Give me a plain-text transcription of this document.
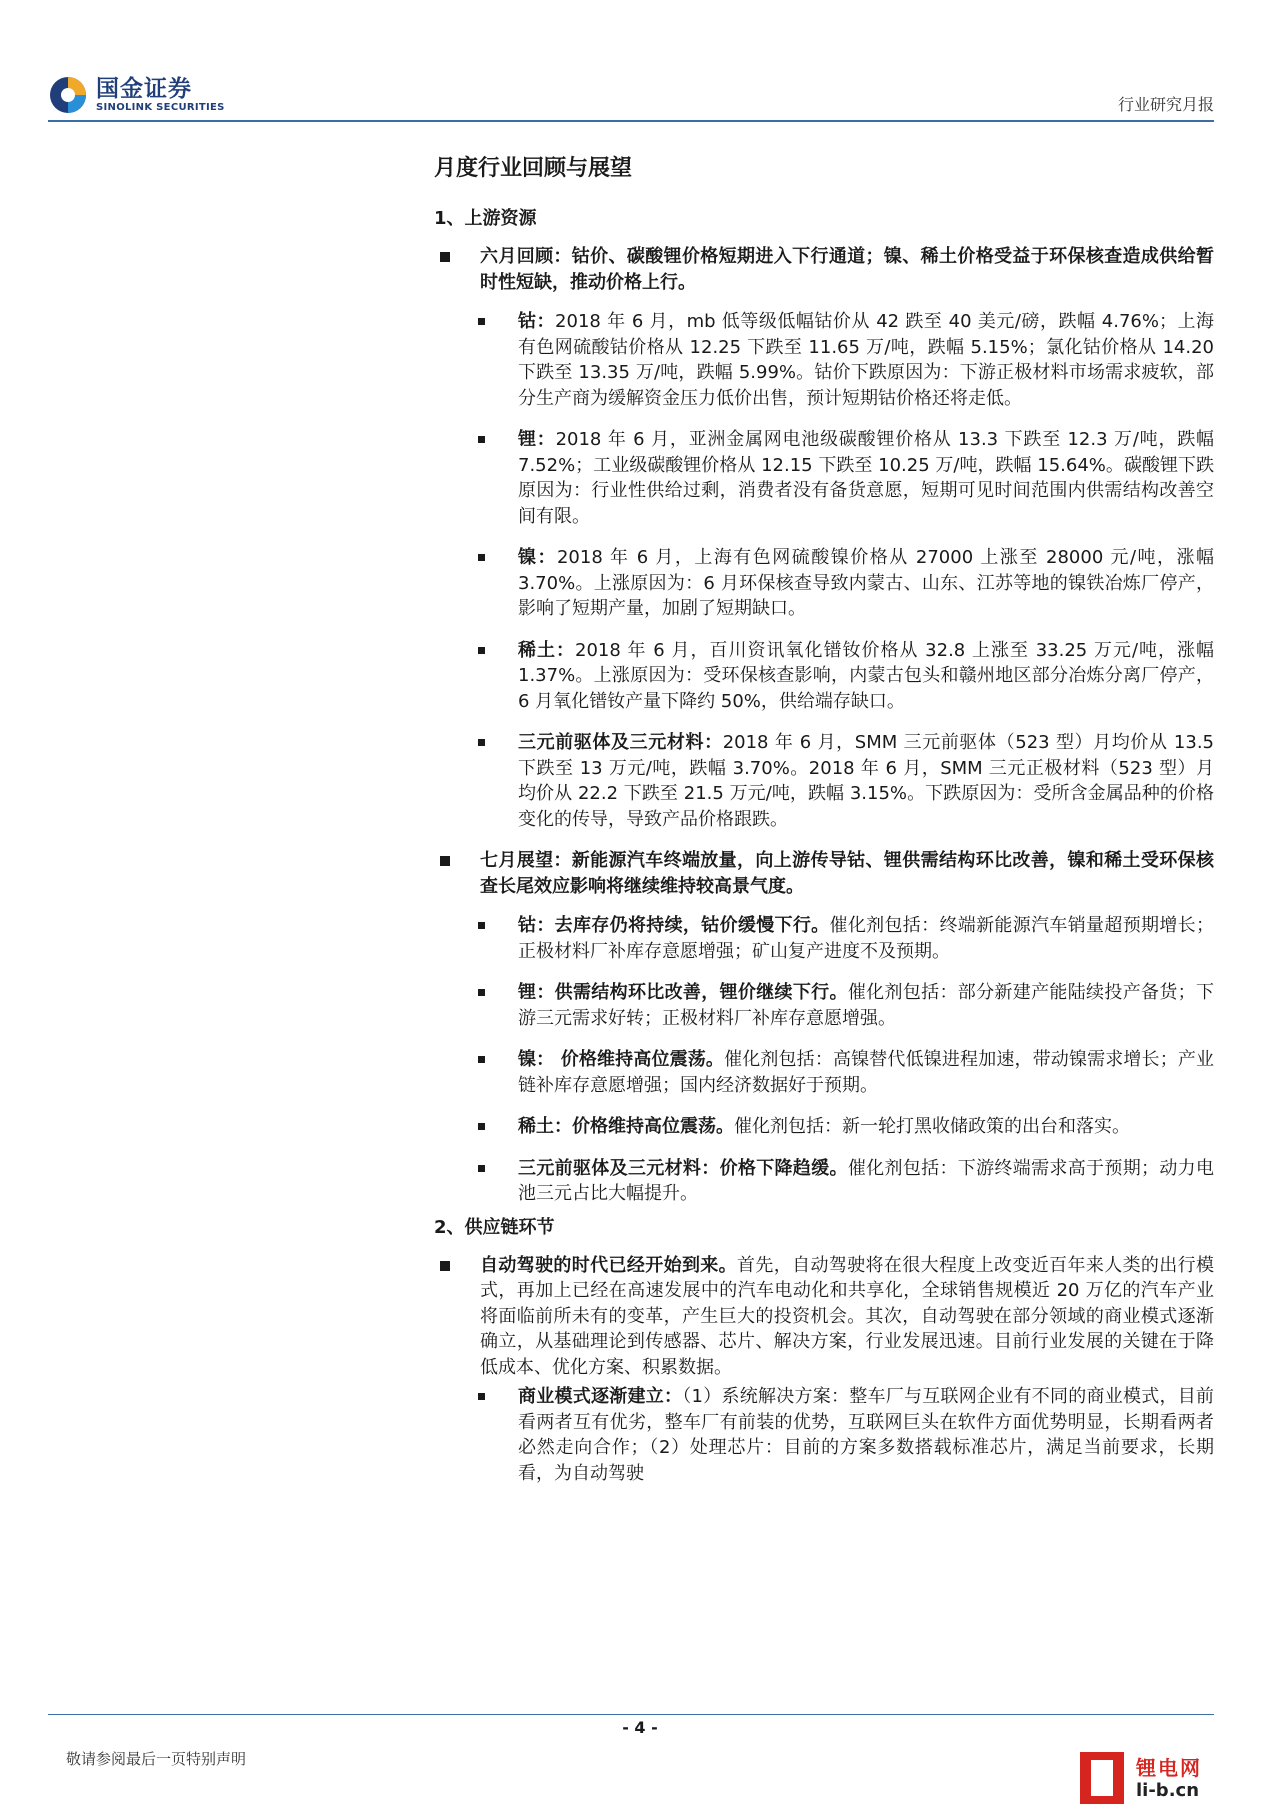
国金证券
SINOLINK SECURITIES	行业研究月报
月度行业回顾与展望
1、上游资源
六月回顾：钴价、碳酸锂价格短期进入下行通道；镍、稀土价格受益于环保核查造成供给暂时性短缺，推动价格上行。
钴：2018 年 6 月，mb 低等级低幅钴价从 42 跌至 40 美元/磅，跌幅 4.76%；上海有色网硫酸钴价格从 12.25 下跌至 11.65 万/吨，跌幅 5.15%；氯化钴价格从 14.20 下跌至 13.35 万/吨，跌幅 5.99%。钴价下跌原因为：下游正极材料市场需求疲软，部分生产商为缓解资金压力低价出售，预计短期钴价格还将走低。
锂：2018 年 6 月，亚洲金属网电池级碳酸锂价格从 13.3 下跌至 12.3 万/吨，跌幅 7.52%；工业级碳酸锂价格从 12.15 下跌至 10.25 万/吨，跌幅 15.64%。碳酸锂下跌原因为：行业性供给过剩，消费者没有备货意愿，短期可见时间范围内供需结构改善空间有限。
镍：2018 年 6 月，上海有色网硫酸镍价格从 27000 上涨至 28000 元/吨，涨幅 3.70%。上涨原因为：6 月环保核查导致内蒙古、山东、江苏等地的镍铁冶炼厂停产，影响了短期产量，加剧了短期缺口。
稀土：2018 年 6 月，百川资讯氧化镨钕价格从 32.8 上涨至 33.25 万元/吨，涨幅 1.37%。上涨原因为：受环保核查影响，内蒙古包头和赣州地区部分冶炼分离厂停产，6 月氧化镨钕产量下降约 50%，供给端存缺口。
三元前驱体及三元材料：2018 年 6 月，SMM 三元前驱体（523 型）月均价从 13.5 下跌至 13 万元/吨，跌幅 3.70%。2018 年 6 月，SMM 三元正极材料（523 型）月均价从 22.2 下跌至 21.5 万元/吨，跌幅 3.15%。下跌原因为：受所含金属品种的价格变化的传导，导致产品价格跟跌。
七月展望：新能源汽车终端放量，向上游传导钴、锂供需结构环比改善，镍和稀土受环保核查长尾效应影响将继续维持较高景气度。
钴：去库存仍将持续，钴价缓慢下行。催化剂包括：终端新能源汽车销量超预期增长；正极材料厂补库存意愿增强；矿山复产进度不及预期。
锂：供需结构环比改善，锂价继续下行。催化剂包括：部分新建产能陆续投产备货；下游三元需求好转；正极材料厂补库存意愿增强。
镍： 价格维持高位震荡。催化剂包括：高镍替代低镍进程加速，带动镍需求增长；产业链补库存意愿增强；国内经济数据好于预期。
稀土：价格维持高位震荡。催化剂包括：新一轮打黑收储政策的出台和落实。
三元前驱体及三元材料：价格下降趋缓。催化剂包括：下游终端需求高于预期；动力电池三元占比大幅提升。
2、供应链环节
自动驾驶的时代已经开始到来。首先，自动驾驶将在很大程度上改变近百年来人类的出行模式，再加上已经在高速发展中的汽车电动化和共享化，全球销售规模近 20 万亿的汽车产业将面临前所未有的变革，产生巨大的投资机会。其次，自动驾驶在部分领域的商业模式逐渐确立，从基础理论到传感器、芯片、解决方案，行业发展迅速。目前行业发展的关键在于降低成本、优化方案、积累数据。
商业模式逐渐建立：（1）系统解决方案：整车厂与互联网企业有不同的商业模式，目前看两者互有优劣，整车厂有前装的优势，互联网巨头在软件方面优势明显，长期看两者必然走向合作；（2）处理芯片：目前的方案多数搭载标准芯片，满足当前要求，长期看，为自动驾驶
- 4 -
敬请参阅最后一页特别声明	锂电网
li-b.cn
